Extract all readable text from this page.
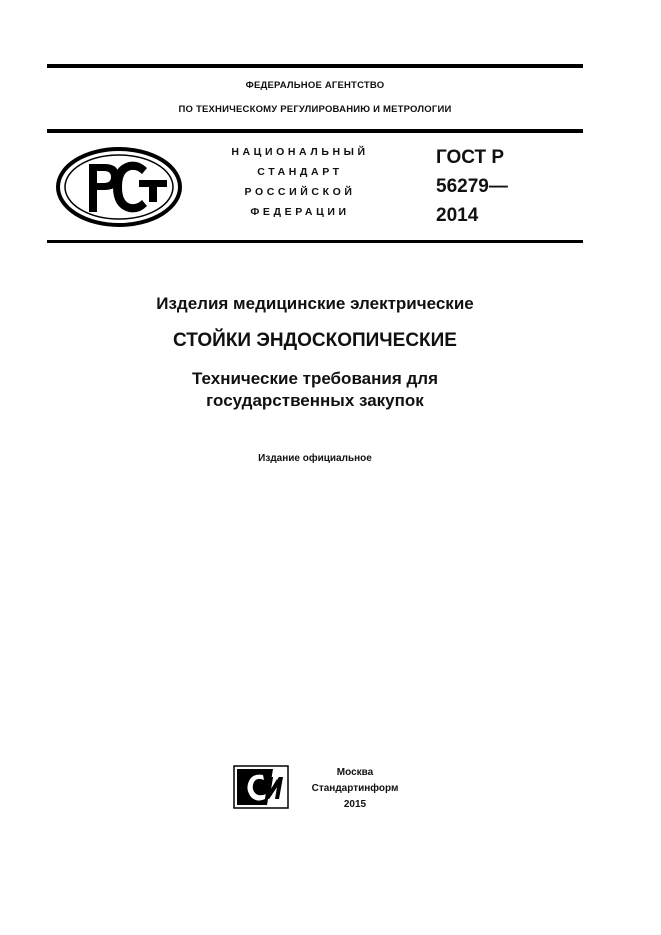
ФЕДЕРАЛЬНОЕ АГЕНТСТВО
ПО ТЕХНИЧЕСКОМУ РЕГУЛИРОВАНИЮ И МЕТРОЛОГИИ
НАЦИОНАЛЬНЫЙ
СТАНДАРТ
РОССИЙСКОЙ
ФЕДЕРАЦИИ
ГОСТ Р
56279—
2014
Изделия медицинские электрические
СТОЙКИ ЭНДОСКОПИЧЕСКИЕ
Технические требования для
государственных закупок
Издание официальное
Москва
Стандартинформ
2015
